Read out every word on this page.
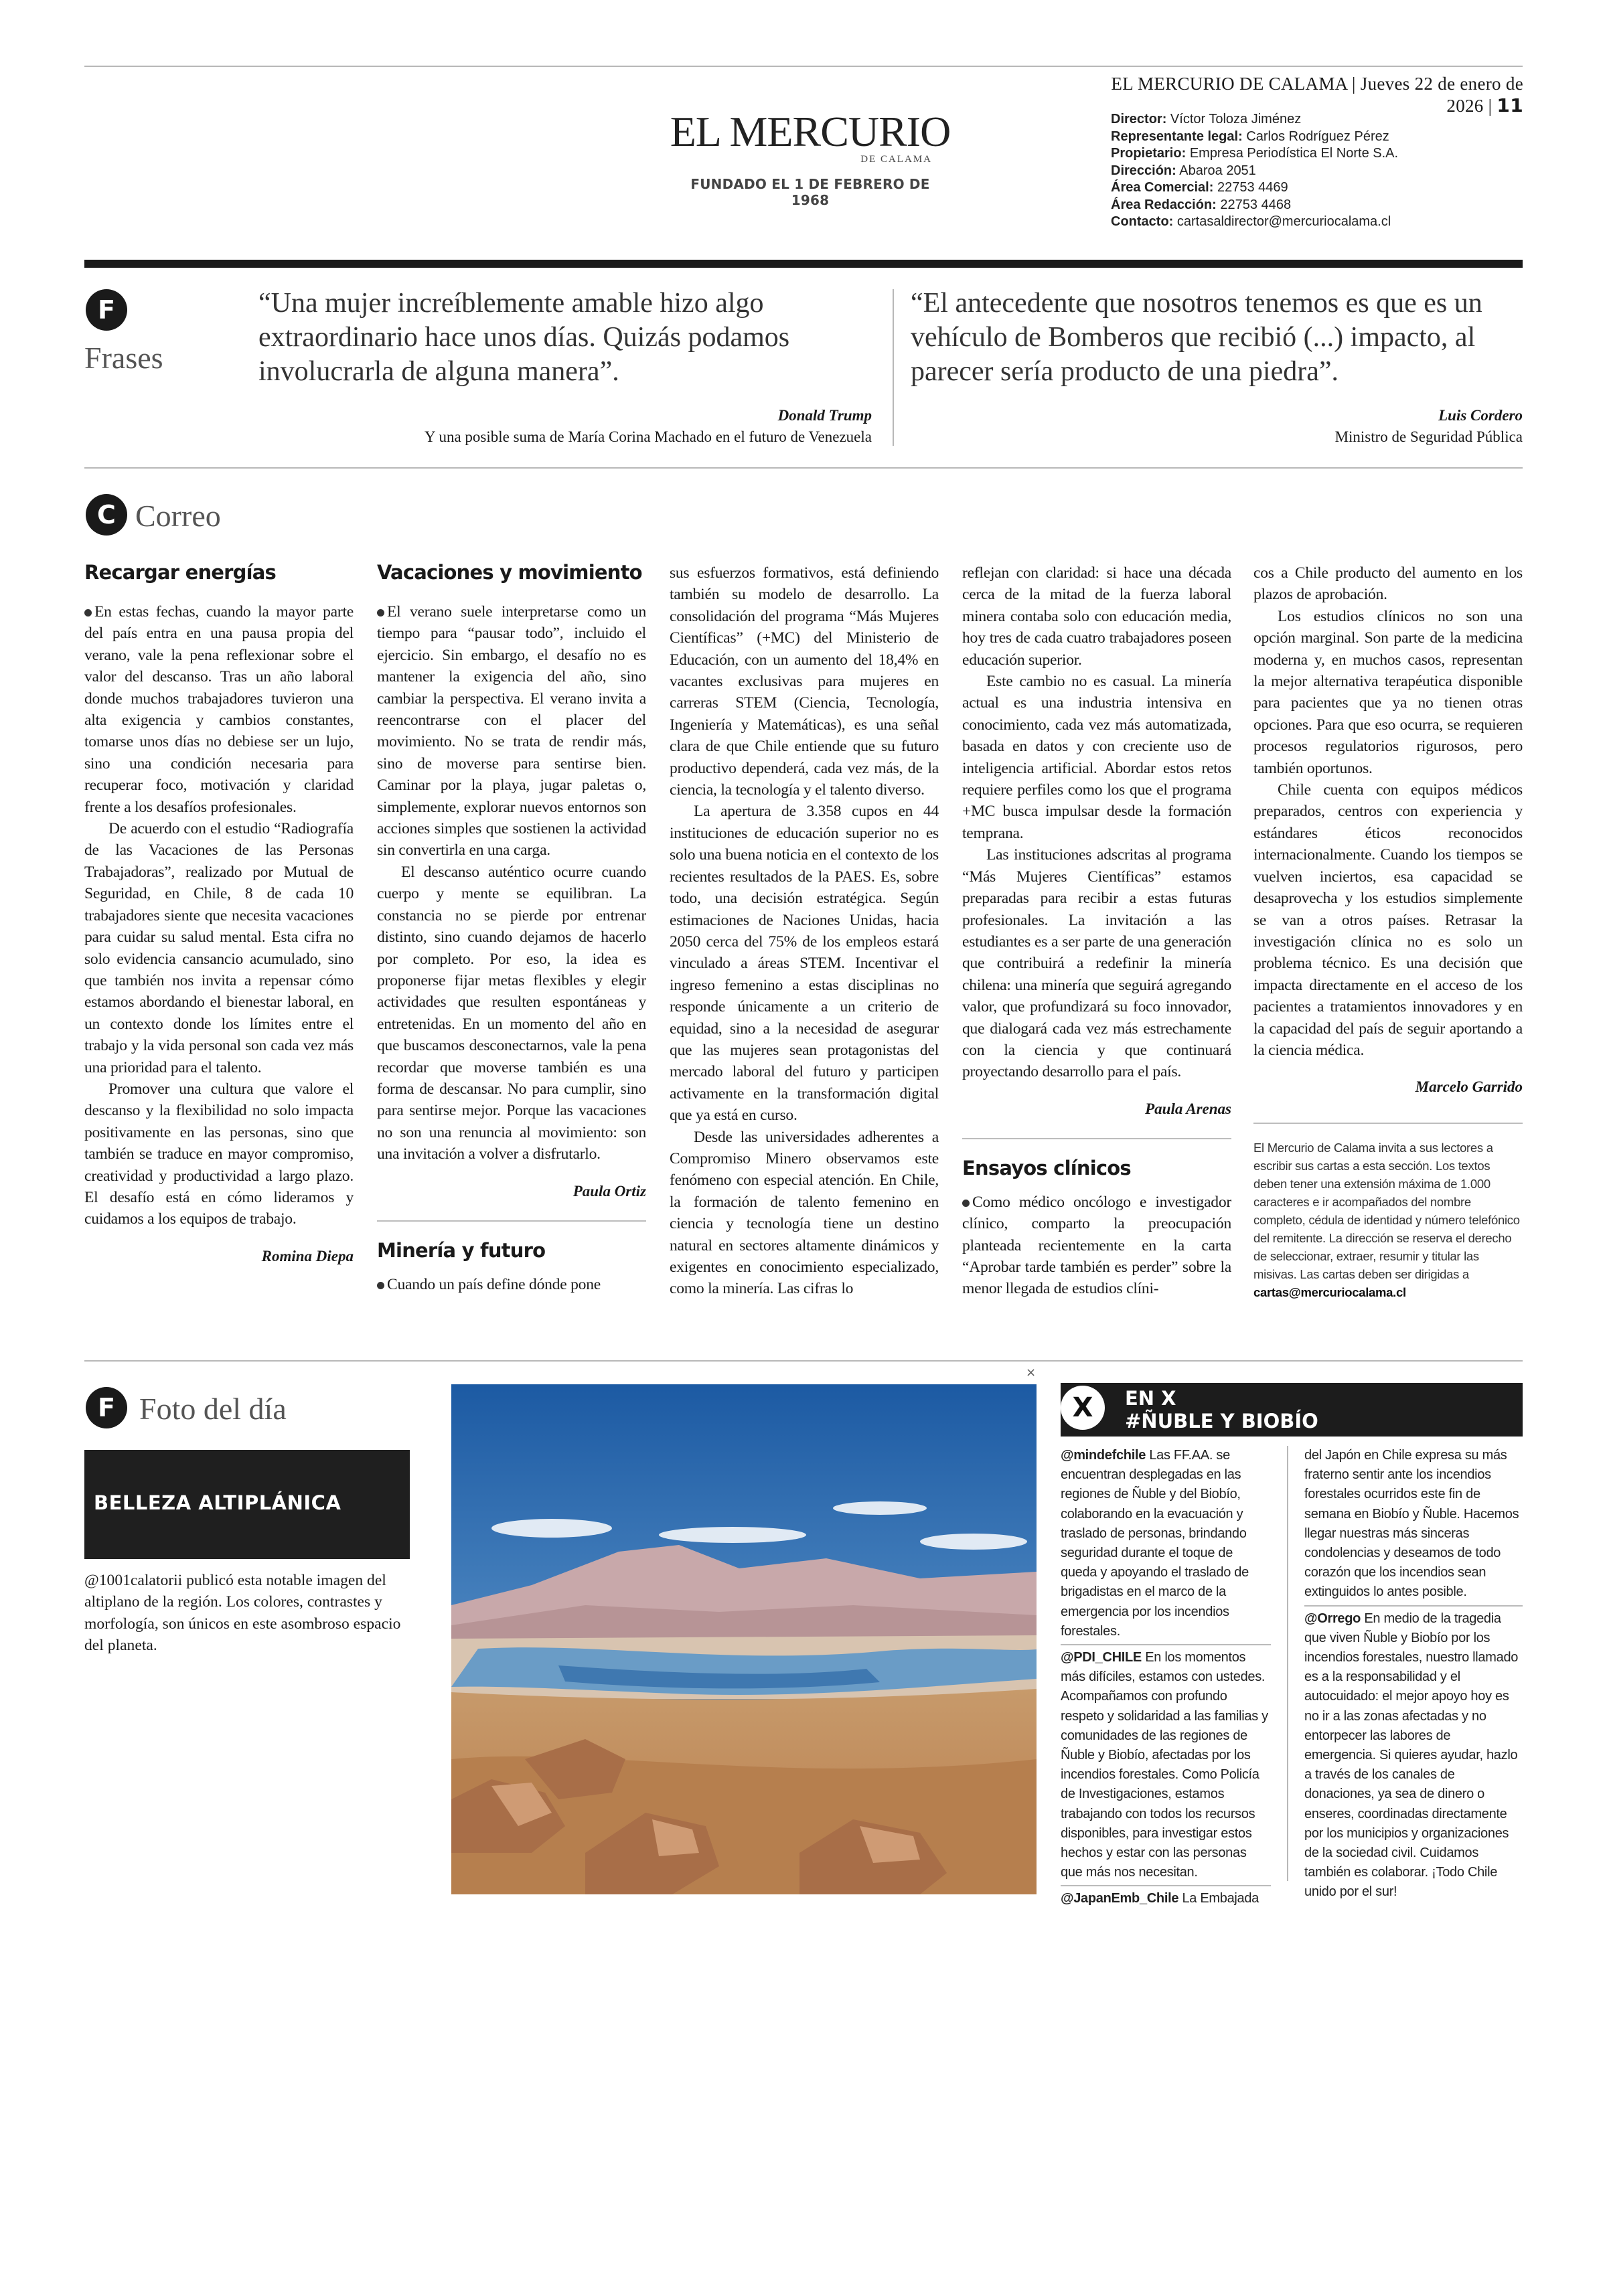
EL MERCURIO DE CALAMA | Jueves 22 de enero de 2026 | 11
EL MERCURIO
DE CALAMA
FUNDADO EL 1 DE FEBRERO DE 1968
Director: Víctor Toloza Jiménez
Representante legal: Carlos Rodríguez Pérez
Propietario: Empresa Periodística El Norte S.A.
Dirección: Abaroa 2051
Área Comercial: 22753 4469
Área Redacción: 22753 4468
Contacto: cartasaldirector@mercuriocalama.cl
F
Frases
“Una mujer increíblemente amable hizo algo extraordinario hace unos días. Quizás podamos involucrarla de alguna manera”.
Donald Trump
Y una posible suma de María Corina Machado en el futuro de Venezuela
“El antecedente que nosotros tenemos es que es un vehículo de Bomberos que recibió (...) impacto, al parecer sería producto de una piedra”.
Luis Cordero
Ministro de Seguridad Pública
C Correo
Recargar energías

En estas fechas, cuando la mayor parte del país entra en una pausa propia del verano, vale la pena reflexionar sobre el valor del descanso. Tras un año laboral donde muchos trabajadores tuvieron una alta exigencia y cambios constantes, tomarse unos días no debiese ser un lujo, sino una condición necesaria para recuperar foco, motivación y claridad frente a los desafíos profesionales.

De acuerdo con el estudio “Radiografía de las Vacaciones de las Personas Trabajadoras”, realizado por Mutual de Seguridad, en Chile, 8 de cada 10 trabajadores siente que necesita vacaciones para cuidar su salud mental. Esta cifra no solo evidencia cansancio acumulado, sino que también nos invita a repensar cómo estamos abordando el bienestar laboral, en un contexto donde los límites entre el trabajo y la vida personal son cada vez más una prioridad para el talento.

Promover una cultura que valore el descanso y la flexibilidad no solo impacta positivamente en las personas, sino que también se traduce en mayor compromiso, creatividad y productividad a largo plazo. El desafío está en cómo lideramos y cuidamos a los equipos de trabajo.

Romina Diepa
Vacaciones y movimiento

El verano suele interpretarse como un tiempo para “pausar todo”, incluido el ejercicio. Sin embargo, el desafío no es mantener la exigencia del año, sino cambiar la perspectiva. El verano invita a reencontrarse con el placer del movimiento. No se trata de rendir más, sino de moverse para sentirse bien. Caminar por la playa, jugar paletas o, simplemente, explorar nuevos entornos son acciones simples que sostienen la actividad sin convertirla en una carga.

El descanso auténtico ocurre cuando cuerpo y mente se equilibran. La constancia no se pierde por entrenar distinto, sino cuando dejamos de hacerlo por completo. Por eso, la idea es proponerse fijar metas flexibles y elegir actividades que resulten espontáneas y entretenidas. En un momento del año en que buscamos desconectarnos, vale la pena recordar que moverse también es una forma de descansar. No para cumplir, sino para sentirse mejor. Porque las vacaciones no son una renuncia al movimiento: son una invitación a volver a disfrutarlo.

Paula Ortiz
Minería y futuro

Cuando un país define dónde pone

sus esfuerzos formativos, está definiendo también su modelo de desarrollo. La consolidación del programa “Más Mujeres Científicas” (+MC) del Ministerio de Educación, con un aumento del 18,4% en vacantes exclusivas para mujeres en carreras STEM (Ciencia, Tecnología, Ingeniería y Matemáticas), es una señal clara de que Chile entiende que su futuro productivo dependerá, cada vez más, de la ciencia, la tecnología y el talento diverso.

La apertura de 3.358 cupos en 44 instituciones de educación superior no es solo una buena noticia en el contexto de los recientes resultados de la PAES. Es, sobre todo, una decisión estratégica. Según estimaciones de Naciones Unidas, hacia 2050 cerca del 75% de los empleos estará vinculado a áreas STEM. Incentivar el ingreso femenino a estas disciplinas no responde únicamente a un criterio de equidad, sino a la necesidad de asegurar que las mujeres sean protagonistas del mercado laboral del futuro y participen activamente en la transformación digital que ya está en curso.

Desde las universidades adherentes a Compromiso Minero observamos este fenómeno con especial atención. En Chile, la formación de talento femenino en ciencia y tecnología tiene un destino natural en sectores altamente dinámicos y exigentes en conocimiento especializado, como la minería. Las cifras lo

reflejan con claridad: si hace una década cerca de la mitad de la fuerza laboral minera contaba solo con educación media, hoy tres de cada cuatro trabajadores poseen educación superior.

Este cambio no es casual. La minería actual es una industria intensiva en conocimiento, cada vez más automatizada, basada en datos y con creciente uso de inteligencia artificial. Abordar estos retos requiere perfiles como los que el programa +MC busca impulsar desde la formación temprana.

Las instituciones adscritas al programa “Más Mujeres Científicas” estamos preparadas para recibir a estas futuras profesionales. La invitación a las estudiantes es a ser parte de una generación que contribuirá a redefinir la minería chilena: una minería que seguirá agregando valor, que profundizará su foco innovador, que dialogará cada vez más estrechamente con la ciencia y que continuará proyectando desarrollo para el país.

Paula Arenas
Ensayos clínicos

Como médico oncólogo e investigador clínico, comparto la preocupación planteada recientemente en la carta “Aprobar tarde también es perder” sobre la menor llegada de estudios clíni-

cos a Chile producto del aumento en los plazos de aprobación.

Los estudios clínicos no son una opción marginal. Son parte de la medicina moderna y, en muchos casos, representan la mejor alternativa terapéutica disponible para pacientes que ya no tienen otras opciones. Para que eso ocurra, se requieren procesos regulatorios rigurosos, pero también oportunos.

Chile cuenta con equipos médicos preparados, centros con experiencia y estándares éticos reconocidos internacionalmente. Cuando los tiempos se vuelven inciertos, esa capacidad se desaprovecha y los estudios simplemente se van a otros países. Retrasar la investigación clínica no es solo un problema técnico. Es una decisión que impacta directamente en el acceso de los pacientes a tratamientos innovadores y en la capacidad del país de seguir aportando a la ciencia médica.

Marcelo Garrido
El Mercurio de Calama invita a sus lectores a escribir sus cartas a esta sección. Los textos deben tener una extensión máxima de 1.000 caracteres e ir acompañados del nombre completo, cédula de identidad y número telefónico del remitente. La dirección se reserva el derecho de seleccionar, extraer, resumir y titular las misivas. Las cartas deben ser dirigidas a cartas@mercuriocalama.cl
F Foto del día
BELLEZA ALTIPLÁNICA
@1001calatorii publicó esta notable imagen del altiplano de la región. Los colores, contrastes y morfología, son únicos en este asombroso espacio del planeta.
×
X	EN X
#ÑUBLE Y BIOBÍO
@mindefchile Las FF.AA. se encuentran desplegadas en las regiones de Ñuble y del Biobío, colaborando en la evacuación y traslado de personas, brindando seguridad durante el toque de queda y apoyando el traslado de brigadistas en el marco de la emergencia por los incendios forestales.
@PDI_CHILE En los momentos más difíciles, estamos con ustedes. Acompañamos con profundo respeto y solidaridad a las familias y comunidades de las regiones de Ñuble y Biobío, afectadas por los incendios forestales. Como Policía de Investigaciones, estamos trabajando con todos los recursos disponibles, para investigar estos hechos y estar con las personas que más nos necesitan.
@JapanEmb_Chile La Embajada
del Japón en Chile expresa su más fraterno sentir ante los incendios forestales ocurridos este fin de semana en Biobío y Ñuble. Hacemos llegar nuestras más sinceras condolencias y deseamos de todo corazón que los incendios sean extinguidos lo antes posible.
@Orrego En medio de la tragedia que viven Ñuble y Biobío por los incendios forestales, nuestro llamado es a la responsabilidad y el autocuidado: el mejor apoyo hoy es no ir a las zonas afectadas y no entorpecer las labores de emergencia. Si quieres ayudar, hazlo a través de los canales de donaciones, ya sea de dinero o enseres, coordinadas directamente por los municipios y organizaciones de la sociedad civil. Cuidamos también es colaborar. ¡Todo Chile unido por el sur!
